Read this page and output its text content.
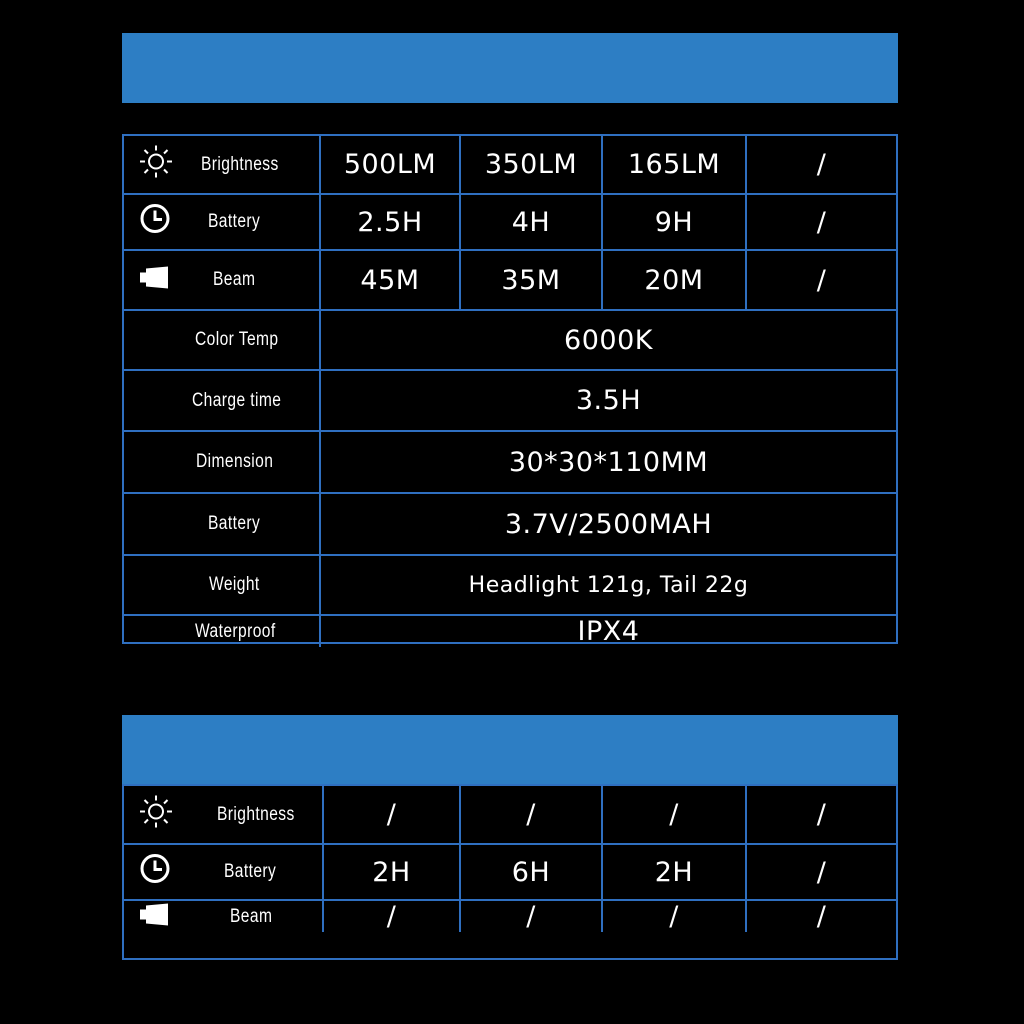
Brightness	500LM	350LM	165LM	/
Battery	2.5H	4H	9H	/
Beam	45M	35M	20M	/
Color Temp	6000K
Charge time	3.5H
Dimension	30*30*110MM
Battery	3.7V/2500MAH
Weight	Headlight 121g, Tail 22g
Waterproof	IPX4
Brightness	/	/	/	/
Battery	2H	6H	2H	/
Beam	/	/	/	/
